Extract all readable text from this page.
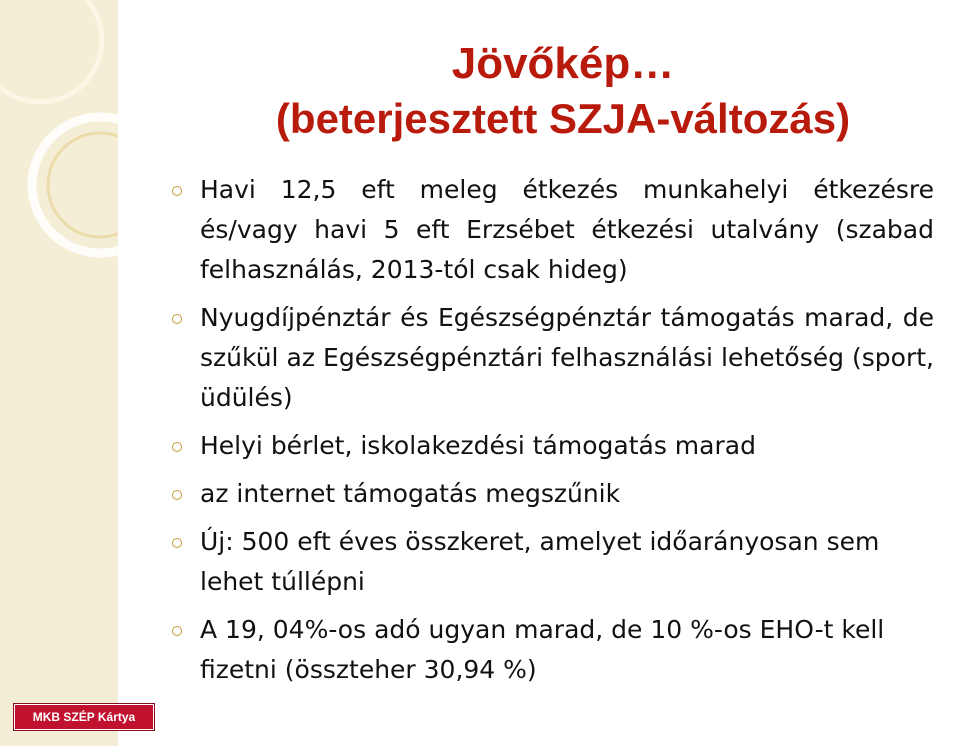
Jövőkép…
(beterjesztett SZJA-változás)
Havi 12,5 eft meleg étkezés munkahelyi étkezésre és/vagy havi 5 eft Erzsébet étkezési utalvány (szabad felhasználás, 2013-tól csak hideg)
Nyugdíjpénztár és Egészségpénztár támogatás marad, de szűkül az Egészségpénztári felhasználási lehetőség (sport, üdülés)
Helyi bérlet, iskolakezdési támogatás marad
az internet támogatás megszűnik
Új: 500 eft éves összkeret, amelyet időarányosan sem lehet túllépni
A 19, 04%-os adó ugyan marad, de 10 %-os EHO-t kell fizetni (összteher 30,94 %)
MKB SZÉP Kártya
